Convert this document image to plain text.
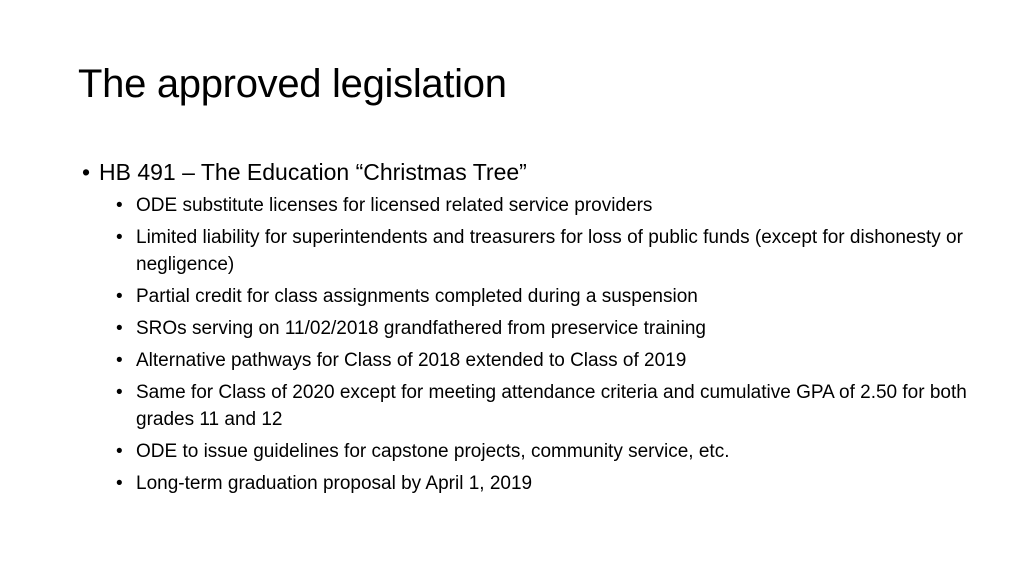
The approved legislation
• HB 491 – The Education “Christmas Tree”
• ODE substitute licenses for licensed related service providers
• Limited liability for superintendents and treasurers for loss of public funds (except for dishonesty or negligence)
• Partial credit for class assignments completed during a suspension
• SROs serving on 11/02/2018 grandfathered from preservice training
• Alternative pathways for Class of 2018 extended to Class of 2019
• Same for Class of 2020 except for meeting attendance criteria and cumulative GPA of 2.50 for both grades 11 and 12
• ODE to issue guidelines for capstone projects, community service, etc.
• Long-term graduation proposal by April 1, 2019
